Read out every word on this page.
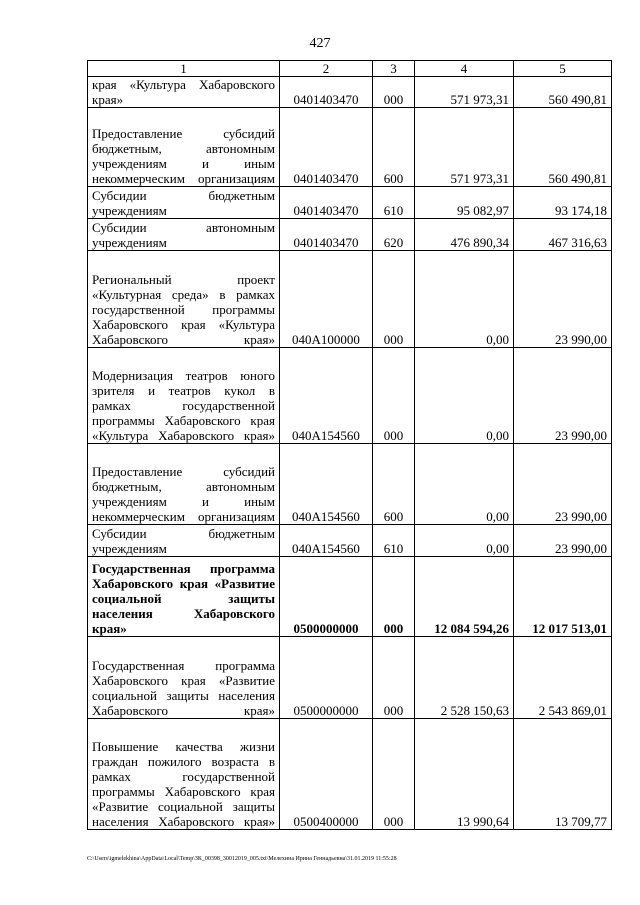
427
1	2	3	4	5
края «Культура Хабаровского края»	0401403470	000	571 973,31	560 490,81
Предоставление субсидий бюджетным, автономным учреждениям и иным некоммерческим организациям	0401403470	600	571 973,31	560 490,81
Субсидии бюджетным учреждениям	0401403470	610	95 082,97	93 174,18
Субсидии автономным учреждениям	0401403470	620	476 890,34	467 316,63
Региональный проект «Культурная среда» в рамках государственной программы Хабаровского края «Культура Хабаровского края»	040A100000	000	0,00	23 990,00
Модернизация театров юного зрителя и театров кукол в рамках государственной программы Хабаровского края «Культура Хабаровского края»	040A154560	000	0,00	23 990,00
Предоставление субсидий бюджетным, автономным учреждениям и иным некоммерческим организациям	040A154560	600	0,00	23 990,00
Субсидии бюджетным учреждениям	040A154560	610	0,00	23 990,00
Государственная программа Хабаровского края «Развитие социальной защиты населения Хабаровского края»	0500000000	000	12 084 594,26	12 017 513,01
Государственная программа Хабаровского края «Развитие социальной защиты населения Хабаровского края»	0500000000	000	2 528 150,63	2 543 869,01
Повышение качества жизни граждан пожилого возраста в рамках государственной программы Хабаровского края «Развитие социальной защиты населения Хабаровского края»	0500400000	000	13 990,64	13 709,77
C:\Users\igmelekhina\AppData\Local\Temp\ЗК_00398_30012019_005.txt\Мелехина Ирина Геннадьевна\31.01.2019 11:55:28
